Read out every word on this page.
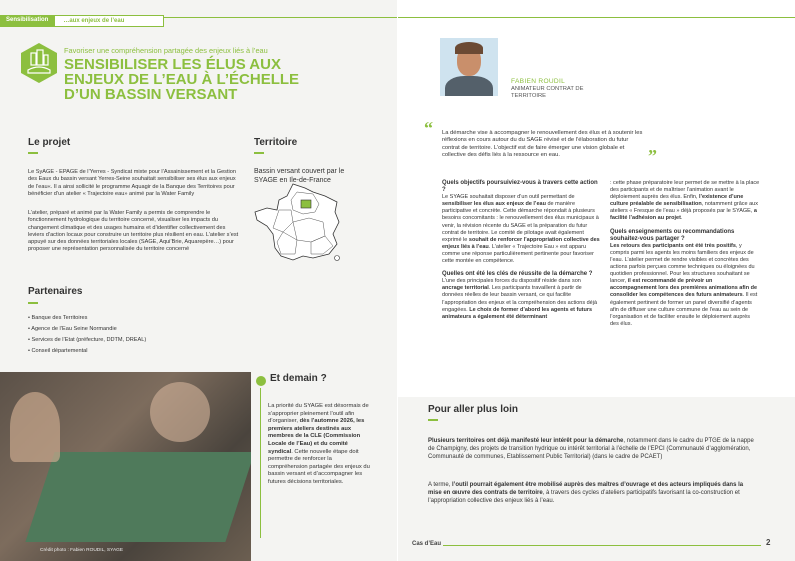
Sensibilisation	…aux enjeux de l’eau
Favoriser une compréhension partagée des enjeux liés à l’eau
SENSIBILISER LES ÉLUS AUX ENJEUX DE L’EAU À L’ÉCHELLE D’UN BASSIN VERSANT
Le projet
Le SyAGE - EPAGE de l’Yerres - Syndicat mixte pour l’Assainissement et la Gestion des Eaux du bassin versant Yerres-Seine souhaitait sensibiliser ses élus aux enjeux de l’eau«. Il a ainsi sollicité le programme Aquagir de la Banque des Territoires pour bénéficier d’un atelier « Trajectoire eau» animé par la Water Family
L’atelier, préparé et animé par la Water Family a permis de comprendre le fonctionnement hydrologique du territoire concerné, visualiser les impacts du changement climatique et des usages humains et d’identifier collectivement des leviers d’action locaux pour construire un territoire plus résilient en eau. L’atelier s’est appuyé sur des données territoriales locales (SAGE, Aqui’Brie, Aquarepère…) pour proposer une représentation personnalisée du territoire concerné
Territoire
Bassin versant couvert par le SYAGE en Ile-de-France
Partenaires
• Banque des Territoires
• Agence de l’Eau Seine Normandie
• Services de l’Etat (préfecture, DDTM, DREAL)
• Conseil départemental
Crédit photo : Fabien ROUDIL, SYAGE
Et demain ?
La priorité du SYAGE est désormais de s’approprier pleinement l’outil afin d’organiser, dès l’automne 2026, les premiers ateliers destinés aux membres de la CLE (Commission Locale de l’Eau) et du comité syndical. Cette nouvelle étape doit permettre de renforcer la compréhension partagée des enjeux du bassin versant et d’accompagner les futures décisions territoriales.
FABIEN ROUDIL
ANIMATEUR CONTRAT DE TERRITOIRE
“ La démarche vise à accompagner le renouvellement des élus et à soutenir les réflexions en cours autour du du SAGE révisé et de l’élaboration du futur contrat de territoire. L’objectif est de faire émerger une vision globale et collective des défis liés à la ressource en eau.	”
Quels objectifs poursuiviez-vous à travers cette action ?
Le SYAGE souhaitait disposer d’un outil permettant de sensibiliser les élus aux enjeux de l’eau de manière participative et concrète. Cette démarche répondait à plusieurs besoins concomitants : le renouvellement des élus municipaux à venir, la révision récente du SAGE et la préparation du futur contrat de territoire. Le comité de pilotage avait également exprimé le souhait de renforcer l’appropriation collective des enjeux liés à l’eau. L’atelier « Trajectoire Eau » est apparu comme une réponse particulièrement pertinente pour favoriser cette montée en compétence.
Quelles ont été les clés de réussite de la démarche ?
L’une des principales forces du dispositif réside dans son ancrage territorial. Les participants travaillent à partir de données réelles de leur bassin versant, ce qui facilite l’appropriation des enjeux et la compréhension des actions déjà engagées. Le choix de former d’abord les agents et futurs animateurs a également été déterminant
: cette phase préparatoire leur permet de se mettre à la place des participants et de maîtriser l’animation avant le déploiement auprès des élus. Enfin, l’existence d’une culture préalable de sensibilisation, notamment grâce aux ateliers « Fresque de l’eau » déjà proposés par le SYAGE, a facilité l’adhésion au projet.
Quels enseignements ou recommandations souhaitez-vous partager ?
Les retours des participants ont été très positifs, y compris parmi les agents les moins familiers des enjeux de l’eau. L’atelier permet de rendre visibles et concrètes des actions parfois perçues comme techniques ou éloignées du quotidien professionnel. Pour les structures souhaitant se lancer, il est recommandé de prévoir un accompagnement lors des premières animations afin de consolider les compétences des futurs animateurs. Il est également pertinent de former un panel diversifié d’agents afin de diffuser une culture commune de l’eau au sein de l’organisation et de faciliter ensuite le déploiement auprès des élus.
Pour aller plus loin
Plusieurs territoires ont déjà manifesté leur intérêt pour la démarche, notamment dans le cadre du PTGE de la nappe de Champigny, des projets de transition hydrique ou intérêt territorial à l’échelle de l’EPCI (Communauté d’agglomération, Communauté de communes, Etablissement Public Territorial) (dans le cadre de PCAET)
A terme, l’outil pourrait également être mobilisé auprès des maîtres d’ouvrage et des acteurs impliqués dans la mise en œuvre des contrats de territoire, à travers des cycles d’ateliers participatifs favorisant la co-construction et l’appropriation collective des enjeux liés à l’eau.
Cas d’Eau	2
